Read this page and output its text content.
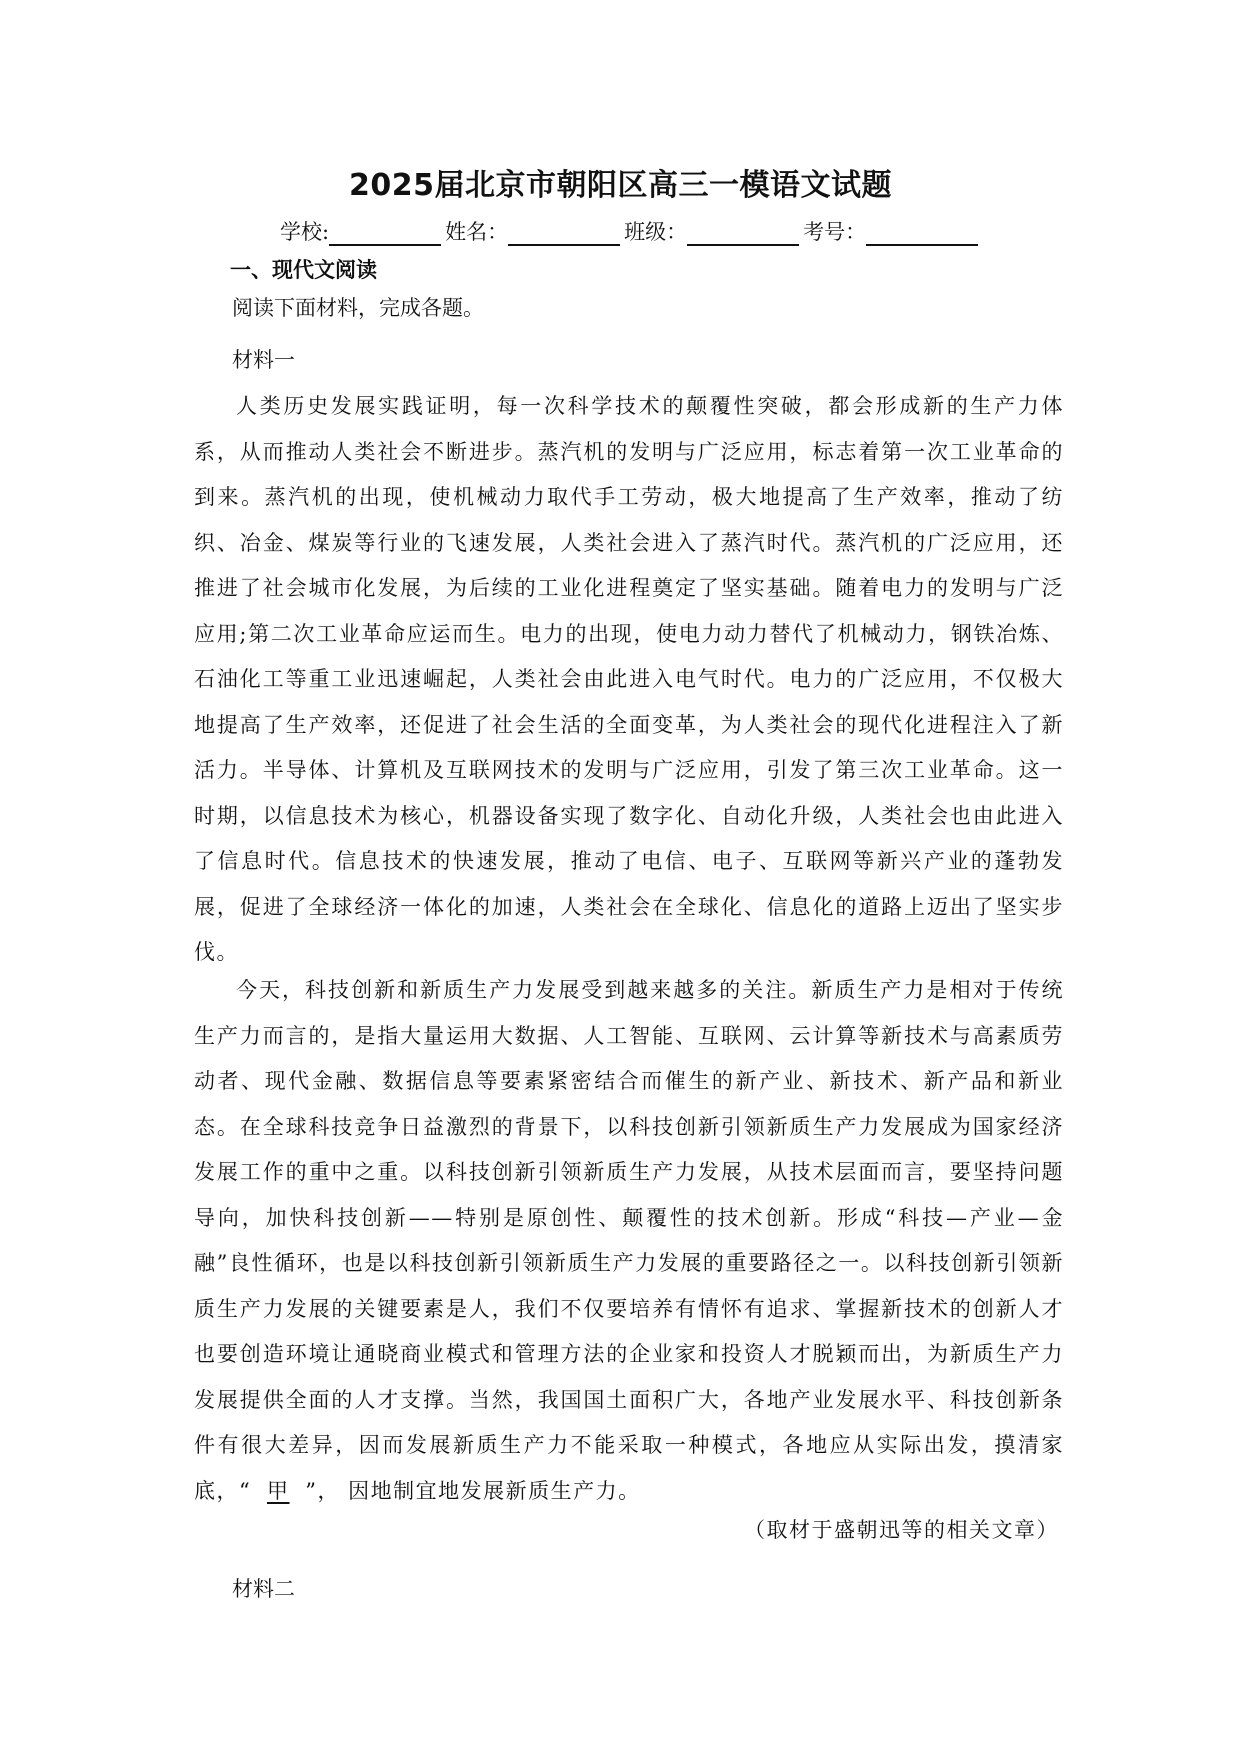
2025届北京市朝阳区高三一模语文试题
学校:	姓名：	班级：	考号：
一、现代文阅读
阅读下面材料，完成各题。
材料一
人类历史发展实践证明，每一次科学技术的颠覆性突破，都会形成新的生产力体系，从而推动人类社会不断进步。蒸汽机的发明与广泛应用，标志着第一次工业革命的到来。蒸汽机的出现，使机械动力取代手工劳动，极大地提高了生产效率，推动了纺织、冶金、煤炭等行业的飞速发展，人类社会进入了蒸汽时代。蒸汽机的广泛应用，还推进了社会城市化发展，为后续的工业化进程奠定了坚实基础。随着电力的发明与广泛应用;第二次工业革命应运而生。电力的出现，使电力动力替代了机械动力，钢铁冶炼、石油化工等重工业迅速崛起，人类社会由此进入电气时代。电力的广泛应用，不仅极大地提高了生产效率，还促进了社会生活的全面变革，为人类社会的现代化进程注入了新活力。半导体、计算机及互联网技术的发明与广泛应用，引发了第三次工业革命。这一时期，以信息技术为核心，机器设备实现了数字化、自动化升级，人类社会也由此进入了信息时代。信息技术的快速发展，推动了电信、电子、互联网等新兴产业的蓬勃发展，促进了全球经济一体化的加速，人类社会在全球化、信息化的道路上迈出了坚实步伐。
今天，科技创新和新质生产力发展受到越来越多的关注。新质生产力是相对于传统生产力而言的，是指大量运用大数据、人工智能、互联网、云计算等新技术与高素质劳动者、现代金融、数据信息等要素紧密结合而催生的新产业、新技术、新产品和新业态。在全球科技竞争日益激烈的背景下，以科技创新引领新质生产力发展成为国家经济发展工作的重中之重。以科技创新引领新质生产力发展，从技术层面而言，要坚持问题导向，加快科技创新——特别是原创性、颠覆性的技术创新。形成“科技—产业—金融”良性循环，也是以科技创新引领新质生产力发展的重要路径之一。以科技创新引领新质生产力发展的关键要素是人，我们不仅要培养有情怀有追求、掌握新技术的创新人才也要创造环境让通晓商业模式和管理方法的企业家和投资人才脱颖而出，为新质生产力发展提供全面的人才支撑。当然，我国国土面积广大，各地产业发展水平、科技创新条件有很大差异，因而发展新质生产力不能采取一种模式，各地应从实际出发，摸清家底，“ 甲 ”， 因地制宜地发展新质生产力。
（取材于盛朝迅等的相关文章）
材料二
